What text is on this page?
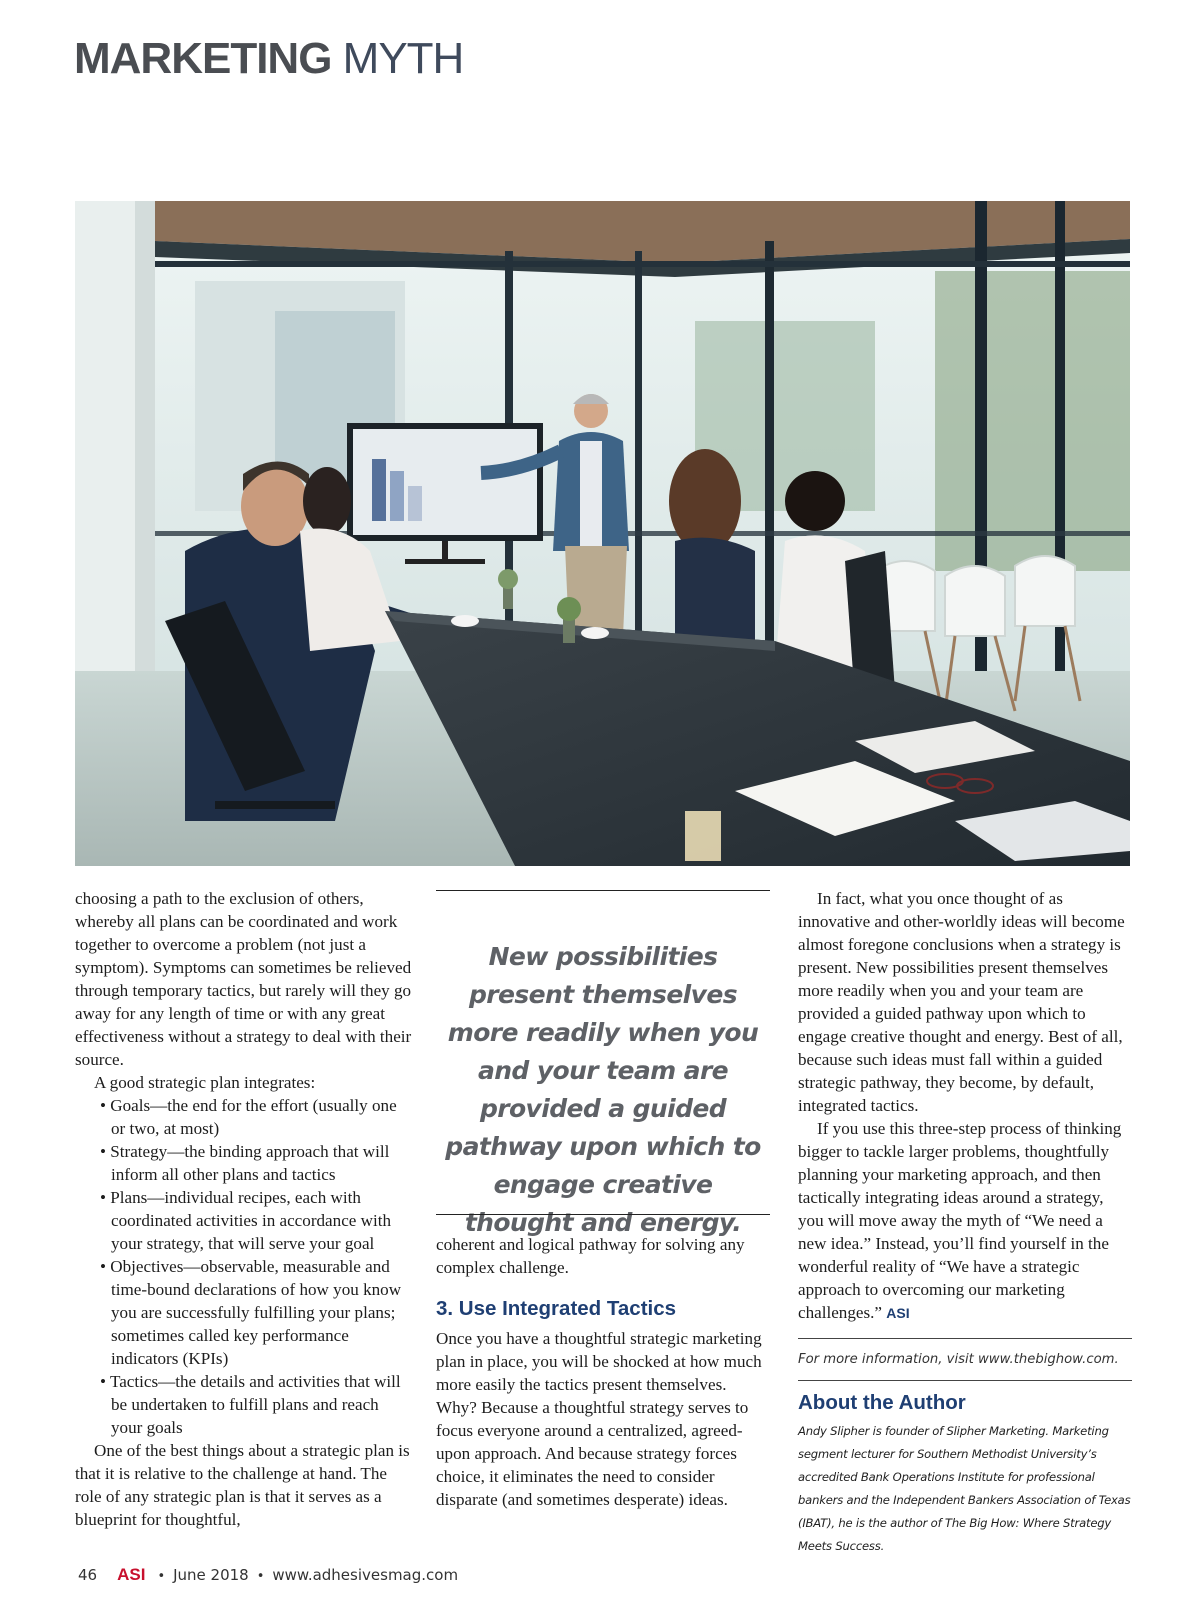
MARKETING MYTH

choosing a path to the exclusion of others, whereby all plans can be coordinated and work together to overcome a problem (not just a symptom). Symptoms can sometimes be relieved through temporary tactics, but rarely will they go away for any length of time or with any great effectiveness without a strategy to deal with their source.

A good strategic plan integrates:

• Goals—the end for the effort (usually one or two, at most)

• Strategy—the binding approach that will inform all other plans and tactics

• Plans—individual recipes, each with coordinated activities in accordance with your strategy, that will serve your goal

• Objectives—observable, measurable and time-bound declarations of how you know you are successfully fulfilling your plans; sometimes called key performance indicators (KPIs)

• Tactics—the details and activities that will be undertaken to fulfill plans and reach your goals

One of the best things about a strategic plan is that it is relative to the challenge at hand. The role of any strategic plan is that it serves as a blueprint for thoughtful,

New possibilities present themselves more readily when you and your team are provided a guided pathway upon which to engage creative thought and energy.

coherent and logical pathway for solving any complex challenge.

3. Use Integrated Tactics

Once you have a thoughtful strategic marketing plan in place, you will be shocked at how much more easily the tactics present themselves. Why? Because a thoughtful strategy serves to focus everyone around a centralized, agreed-upon approach. And because strategy forces choice, it eliminates the need to consider disparate (and sometimes desperate) ideas.

In fact, what you once thought of as innovative and other-worldly ideas will become almost foregone conclusions when a strategy is present. New possibilities present themselves more readily when you and your team are provided a guided pathway upon which to engage creative thought and energy. Best of all, because such ideas must fall within a guided strategic pathway, they become, by default, integrated tactics.

If you use this three-step process of thinking bigger to tackle larger problems, thoughtfully planning your marketing approach, and then tactically integrating ideas around a strategy, you will move away the myth of “We need a new idea.” Instead, you’ll find yourself in the wonderful reality of “We have a strategic approach to overcoming our marketing challenges.” ASI

For more information, visit www.thebighow.com.
About the Author
Andy Slipher is founder of Slipher Marketing. Marketing segment lecturer for Southern Methodist University’s accredited Bank Operations Institute for professional bankers and the Independent Bankers Association of Texas (IBAT), he is the author of The Big How: Where Strategy Meets Success.
46 ASI • June 2018 • www.adhesivesmag.com
